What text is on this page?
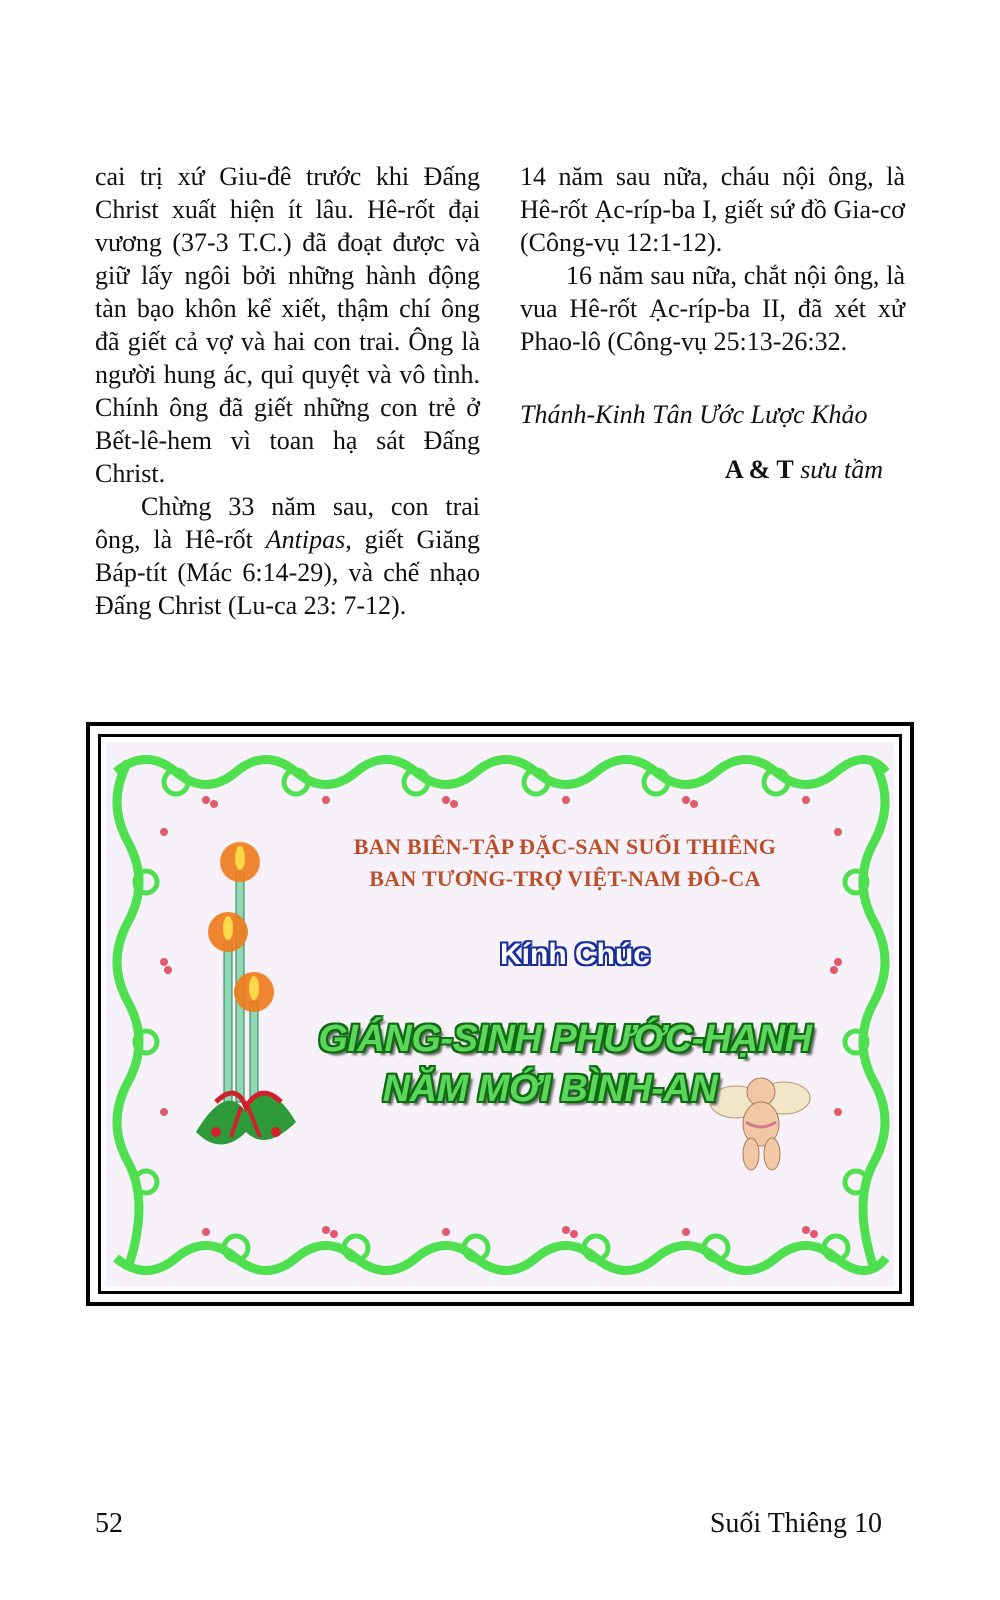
cai trị xứ Giu-đê trước khi Đấng Christ xuất hiện ít lâu. Hê-rốt đại vương (37-3 T.C.) đã đoạt được và giữ lấy ngôi bởi những hành động tàn bạo khôn kể xiết, thậm chí ông đã giết cả vợ và hai con trai. Ông là người hung ác, quỉ quyệt và vô tình. Chính ông đã giết những con trẻ ở Bết-lê-hem vì toan hạ sát Đấng Christ.

Chừng 33 năm sau, con trai ông, là Hê-rốt Antipas, giết Giăng Báp-tít (Mác 6:14-29), và chế nhạo Đấng Christ (Lu-ca 23: 7-12).

14 năm sau nữa, cháu nội ông, là Hê-rốt Ạc-ríp-ba I, giết sứ đồ Gia-cơ (Công-vụ 12:1-12).

16 năm sau nữa, chắt nội ông, là vua Hê-rốt Ạc-ríp-ba II, đã xét xử Phao-lô (Công-vụ 25:13-26:32.

Thánh-Kinh Tân Ước Lược Khảo

A & T sưu tầm

BAN BIÊN-TẬP ĐẶC-SAN SUỐI THIÊNG
BAN TƯƠNG-TRỢ VIỆT-NAM ĐÔ-CA
Kính Chúc
GIÁNG-SINH PHƯỚC-HẠNH
NĂM MỚI BÌNH-AN
52	Suối Thiêng 10
